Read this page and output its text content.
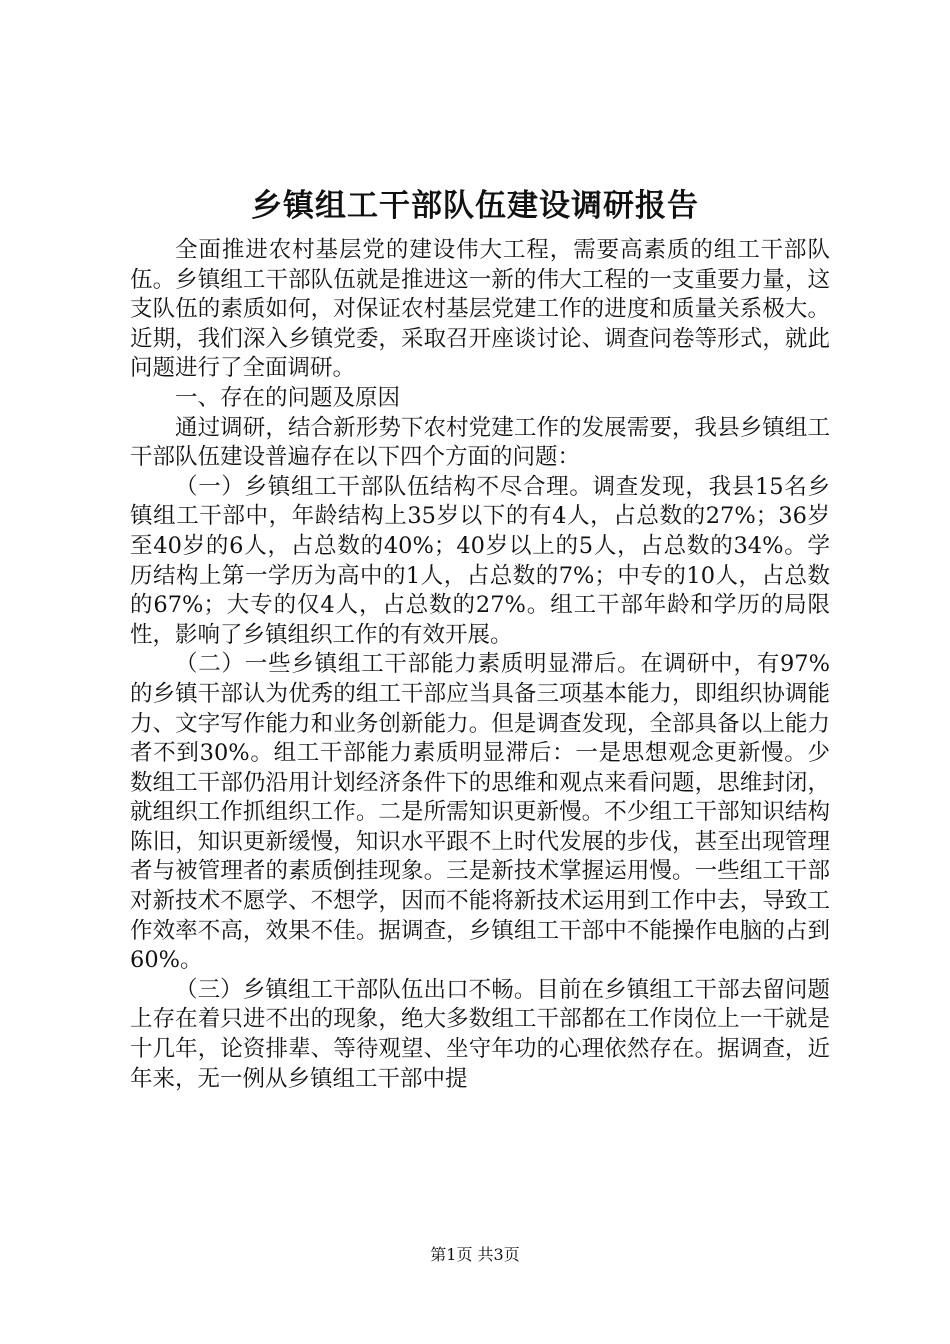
乡镇组工干部队伍建设调研报告

全面推进农村基层党的建设伟大工程，需要高素质的组工干部队伍。乡镇组工干部队伍就是推进这一新的伟大工程的一支重要力量，这支队伍的素质如何，对保证农村基层党建工作的进度和质量关系极大。近期，我们深入乡镇党委，采取召开座谈讨论、调查问卷等形式，就此问题进行了全面调研。

一、存在的问题及原因

通过调研，结合新形势下农村党建工作的发展需要，我县乡镇组工干部队伍建设普遍存在以下四个方面的问题：

（一）乡镇组工干部队伍结构不尽合理。调查发现，我县15名乡镇组工干部中，年龄结构上35岁以下的有4人，占总数的27%；36岁至40岁的6人，占总数的40%；40岁以上的5人，占总数的34%。学历结构上第一学历为高中的1人，占总数的7%；中专的10人，占总数的67%；大专的仅4人，占总数的27%。组工干部年龄和学历的局限性，影响了乡镇组织工作的有效开展。

（二）一些乡镇组工干部能力素质明显滞后。在调研中，有97%的乡镇干部认为优秀的组工干部应当具备三项基本能力，即组织协调能力、文字写作能力和业务创新能力。但是调查发现，全部具备以上能力者不到30%。组工干部能力素质明显滞后：一是思想观念更新慢。少数组工干部仍沿用计划经济条件下的思维和观点来看问题，思维封闭，就组织工作抓组织工作。二是所需知识更新慢。不少组工干部知识结构陈旧，知识更新缓慢，知识水平跟不上时代发展的步伐，甚至出现管理者与被管理者的素质倒挂现象。三是新技术掌握运用慢。一些组工干部对新技术不愿学、不想学，因而不能将新技术运用到工作中去，导致工作效率不高，效果不佳。据调查，乡镇组工干部中不能操作电脑的占到60%。

（三）乡镇组工干部队伍出口不畅。目前在乡镇组工干部去留问题上存在着只进不出的现象，绝大多数组工干部都在工作岗位上一干就是十几年，论资排辈、等待观望、坐守年功的心理依然存在。据调查，近年来，无一例从乡镇组工干部中提

第1页 共3页
